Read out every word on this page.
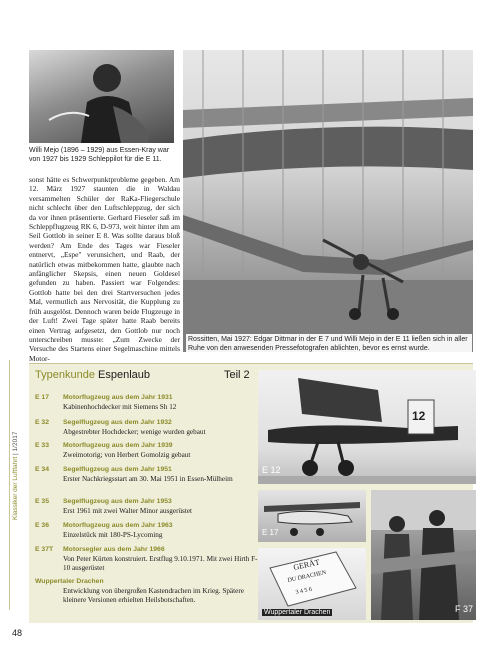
Willi Mejo (1896 – 1929) aus Essen-Kray war von 1927 bis 1929 Schleppilot für die E 11.
Rossitten, Mai 1927: Edgar Dittmar in der E 7 und Willi Mejo in der E 11 ließen sich in aller Ruhe von den anwesenden Pressefotografen ablichten, bevor es ernst wurde.
sonst hätte es Schwerpunktprobleme gegeben. Am 12. März 1927 staunten die in Waldau versammelten Schüler der RaKa-Fliegerschule nicht schlecht über den Luftschleppzug, der sich da vor ihnen präsentierte. Gerhard Fieseler saß im Schleppflugzeug RK 6, D-973, weit hinter ihm am Seil Gottlob in seiner E 8. Was sollte daraus bloß werden? Am Ende des Tages war Fieseler entnervt, „Espe" verunsichert, und Raab, der natürlich etwas mitbekommen hatte, glaubte nach anfänglicher Skepsis, einen neuen Goldesel gefunden zu haben. Passiert war Folgendes: Gottlob hatte bei den drei Startversuchen jedes Mal, vermutlich aus Nervosität, die Kupplung zu früh ausgelöst. Dennoch waren beide Flugzeuge in der Luft! Zwei Tage später hatte Raab bereits einen Vertrag aufgesetzt, den Gottlob nur noch unterschreiben musste: „Zum Zwecke der Versuche des Startens einer Segelmaschine mittels Motor-
Typenkunde Espenlaub	Teil 2
E 17 Motorflugzeug aus dem Jahr 1931
Kabinenhochdecker mit Siemens Sh 12
E 32 Segelflugzeug aus dem Jahr 1932
Abgestrebter Hochdecker; wenige wurden gebaut
E 33 Motorflugzeug aus dem Jahr 1939
Zweimotorig; von Herbert Gomolzig gebaut
E 34 Segelflugzeug aus dem Jahr 1951
Erster Nachkriegsstart am 30. Mai 1951 in Essen-Mülheim
E 35 Segelflugzeug aus dem Jahr 1953
Erst 1961 mit zwei Walter Minor ausgerüstet
E 36 Motorflugzeug aus dem Jahr 1963
Einzelstück mit 180-PS-Lycoming
E 37T Motorsegler aus dem Jahr 1966
Von Peter Kürten konstruiert. Erstflug 9.10.1971. Mit zwei Hirth F-10 ausgerüstet
Wuppertaler Drachen
Entwicklung von übergroßen Kastendrachen im Krieg. Spätere kleinere Versionen erhielten Heilsbotschaften.
12
GERÄT
DU DRACHEN
3 4 5 6
E 12
E 17
Wuppertaler Drachen	F 37
Klassiker der Luftfahrt | 1/2017
48
